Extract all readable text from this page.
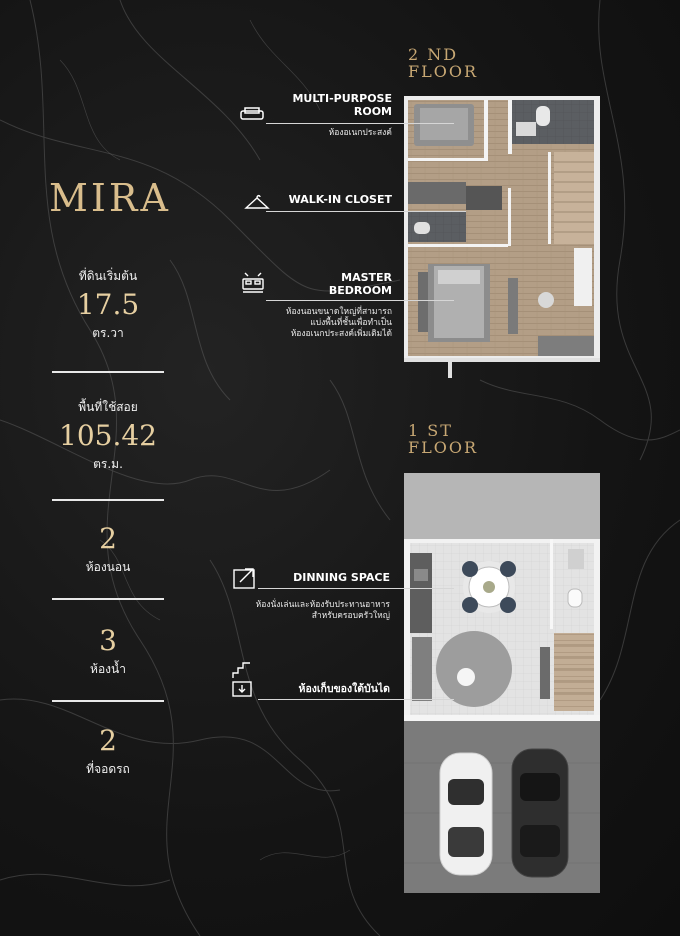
MIRA
ที่ดินเริ่มต้น
17.5
ตร.วา
พื้นที่ใช้สอย
105.42
ตร.ม.
2
ห้องนอน
3
ห้องน้ำ
2
ที่จอดรถ
2 ND
FLOOR
1 ST
FLOOR
MULTI-PURPOSE
ROOM
ห้องอเนกประสงค์
WALK-IN CLOSET
MASTER
BEDROOM
ห้องนอนขนาดใหญ่ที่สามารถ
แบ่งพื้นที่ชั้นเพื่อทำเป็น
ห้องอเนกประสงค์เพิ่มเติมได้
DINNING SPACE
ห้องนั่งเล่นและห้องรับประทานอาหาร
สำหรับครอบครัวใหญ่
ห้องเก็บของใต้บันได
